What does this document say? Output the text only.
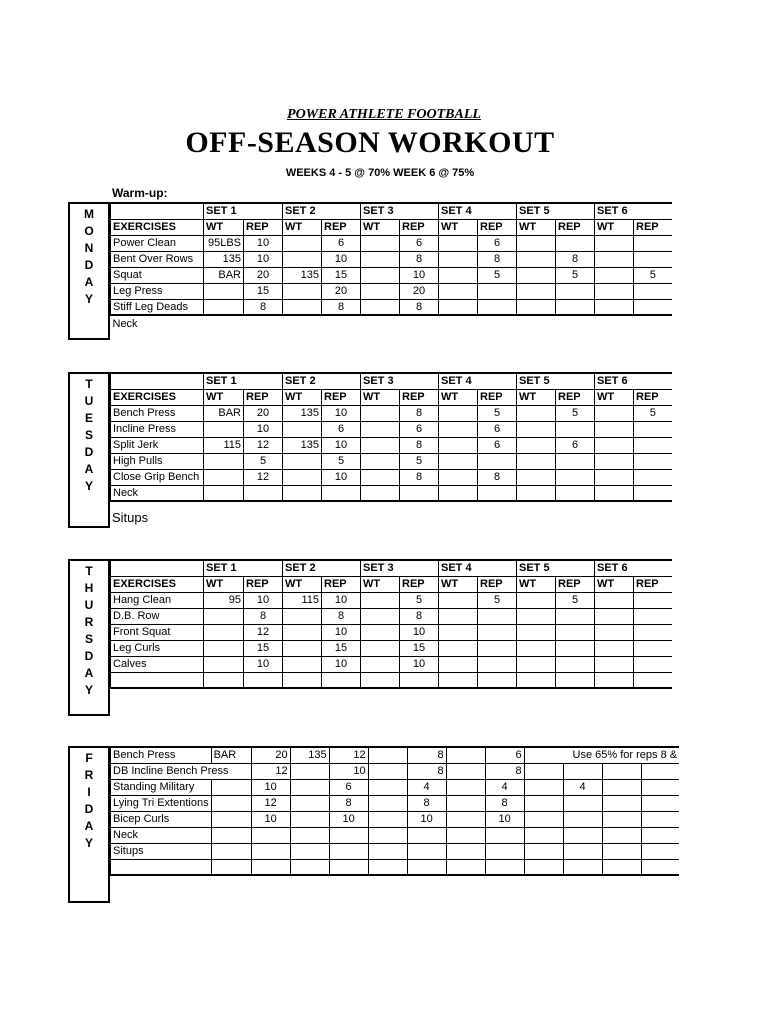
POWER ATHLETE FOOTBALL
OFF-SEASON WORKOUT
WEEKS 4 - 5 @ 70% WEEK 6 @ 75%
Warm-up:
M
O
N
D
A
Y
T
U
E
S
D
A
Y
T
H
U
R
S
D
A
Y
F
R
I
D
A
Y
	SET 1		SET 2		SET 3		SET 4		SET 5		SET 6	
EXERCISES	WT	REP	WT	REP	WT	REP	WT	REP	WT	REP	WT	REP
Power Clean	95LBS	10		6		6		6				
Bent Over Rows	135	10		10		8		8		8		
Squat	BAR	20	135	15		10		5		5		5
Leg Press		15		20		20						
Stiff Leg Deads		8		8		8						
Neck												
	SET 1		SET 2		SET 3		SET 4		SET 5		SET 6	
EXERCISES	WT	REP	WT	REP	WT	REP	WT	REP	WT	REP	WT	REP
Bench Press	BAR	20	135	10		8		5		5		5
Incline Press		10		6		6		6				
Split Jerk	115	12	135	10		8		6		6		
High Pulls		5		5		5						
Close Grip Bench		12		10		8		8				
Neck												
Situps
	SET 1		SET 2		SET 3		SET 4		SET 5		SET 6	
EXERCISES	WT	REP	WT	REP	WT	REP	WT	REP	WT	REP	WT	REP
Hang Clean	95	10	115	10		5		5		5		
D.B. Row		8		8		8						
Front Squat		12		10		10						
Leg Curls		15		15		15						
Calves		10		10		10						

Bench Press	BAR	20	135	12		8		6	Use 65% for reps 8 &			
DB Incline Bench Press		12		10		8		8				
Standing Military		10		6		4		4		4		
Lying Tri Extentions		12		8		8		8				
Bicep Curls		10		10		10		10				
Neck												
Situps												
